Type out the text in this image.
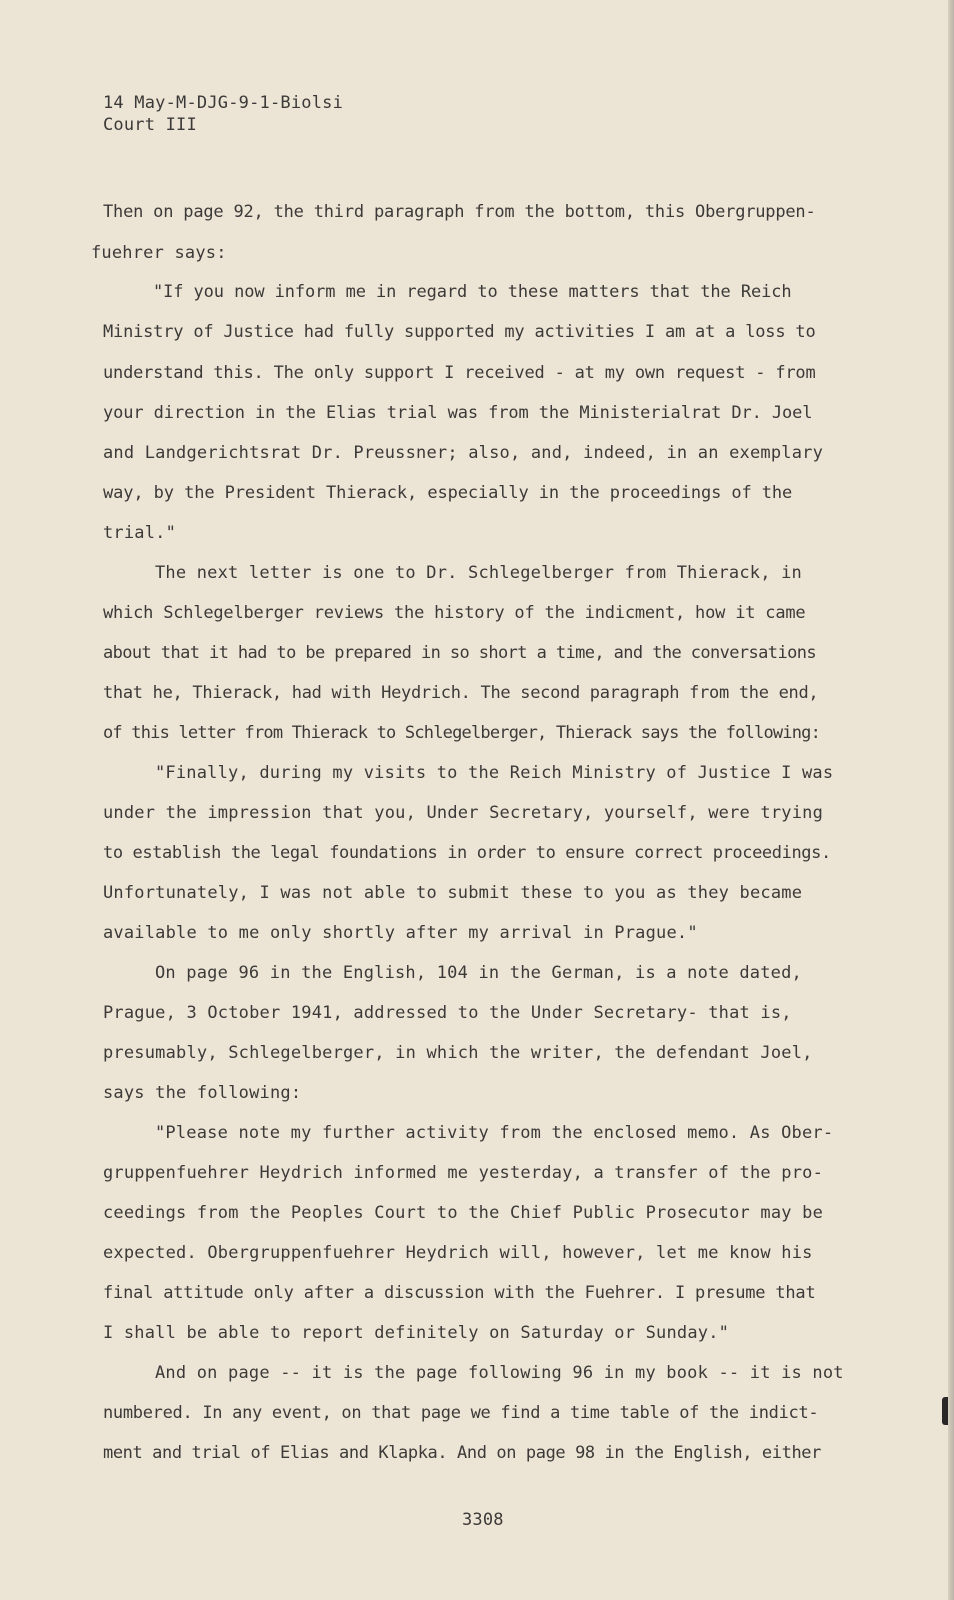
14 May-M-DJG-9-1-Biolsi
Court III
Then on page 92, the third paragraph from the bottom, this Obergruppen-
fuehrer says:
"If you now inform me in regard to these matters that the Reich
Ministry of Justice had fully supported my activities I am at a loss to
understand this. The only support I received - at my own request - from
your direction in the Elias trial was from the Ministerialrat Dr. Joel
and Landgerichtsrat Dr. Preussner; also, and, indeed, in an exemplary
way, by the President Thierack, especially in the proceedings of the
trial."
The next letter is one to Dr. Schlegelberger from Thierack, in
which Schlegelberger reviews the history of the indicment, how it came
about that it had to be prepared in so short a time, and the conversations
that he, Thierack, had with Heydrich. The second paragraph from the end,
of this letter from Thierack to Schlegelberger, Thierack says the following:
"Finally, during my visits to the Reich Ministry of Justice I was
under the impression that you, Under Secretary, yourself, were trying
to establish the legal foundations in order to ensure correct proceedings.
Unfortunately, I was not able to submit these to you as they became
available to me only shortly after my arrival in Prague."
On page 96 in the English, 104 in the German, is a note dated,
Prague, 3 October 1941, addressed to the Under Secretary- that is,
presumably, Schlegelberger, in which the writer, the defendant Joel,
says the following:
"Please note my further activity from the enclosed memo. As Ober-
gruppenfuehrer Heydrich informed me yesterday, a transfer of the pro-
ceedings from the Peoples Court to the Chief Public Prosecutor may be
expected. Obergruppenfuehrer Heydrich will, however, let me know his
final attitude only after a discussion with the Fuehrer. I presume that
I shall be able to report definitely on Saturday or Sunday."
And on page -- it is the page following 96 in my book -- it is not
numbered. In any event, on that page we find a time table of the indict-
ment and trial of Elias and Klapka. And on page 98 in the English, either
3308
